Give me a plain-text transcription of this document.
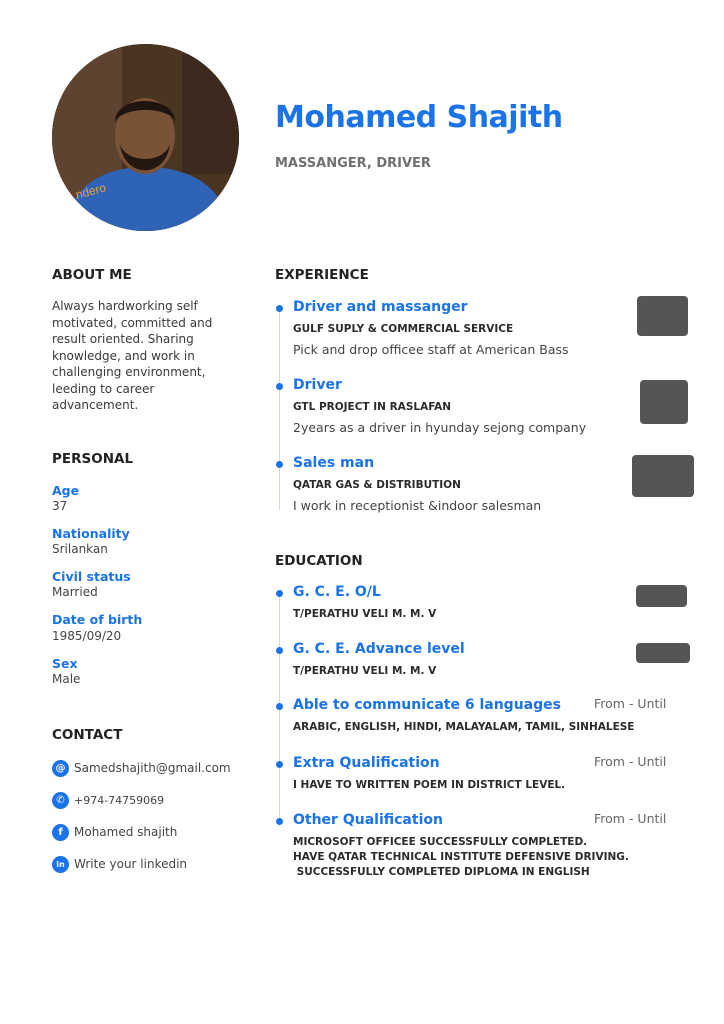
ndero
Mohamed Shajith
MASSANGER, DRIVER
ABOUT ME
Always hardworking self motivated, committed and result oriented. Sharing knowledge, and work in challenging environment, leeding to career advancement.
PERSONAL
Age
37
Nationality
Srilankan
Civil status
Married
Date of birth
1985/09/20
Sex
Male
CONTACT
@ Samedshajith@gmail.com
✆ +974-74759069
f Mohamed shajith
in Write your linkedin
EXPERIENCE
Driver and massanger
GULF SUPLY & COMMERCIAL SERVICE
Pick and drop officee staff at American Bass
Driver
GTL PROJECT IN RASLAFAN
2years as a driver in hyunday sejong company
Sales man
QATAR GAS & DISTRIBUTION
I work in receptionist &indoor salesman
EDUCATION
G. C. E. O/L
T/PERATHU VELI M. M. V
G. C. E. Advance level
T/PERATHU VELI M. M. V
Able to communicate 6 languages	From - Until
ARABIC, ENGLISH, HINDI, MALAYALAM, TAMIL, SINHALESE
Extra Qualification	From - Until
I HAVE TO WRITTEN POEM IN DISTRICT LEVEL.
Other Qualification	From - Until
MICROSOFT OFFICEE SUCCESSFULLY COMPLETED.
HAVE QATAR TECHNICAL INSTITUTE DEFENSIVE DRIVING.
SUCCESSFULLY COMPLETED DIPLOMA IN ENGLISH
